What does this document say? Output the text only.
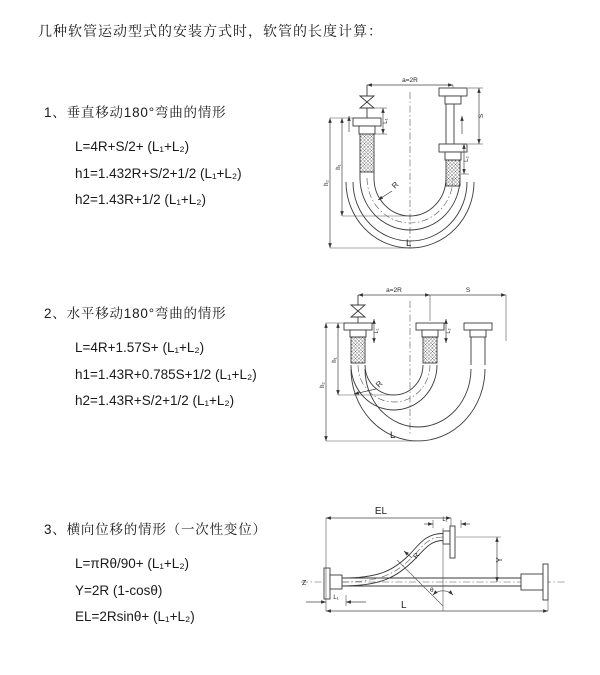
几种软管运动型式的安装方式时，软管的长度计算：
1、垂直移动180°弯曲的情形
L=4R+S/2+ (L₁+L₂)
h1=1.432R+S/2+1/2 (L₁+L₂)
h2=1.43R+1/2 (L₁+L₂)
a=2R
L₁
S
L₂
h₁
h₂	R
L
2、水平移动180°弯曲的情形
L=4R+1.57S+ (L₁+L₂)
h1=1.43R+0.785S+1/2 (L₁+L₂)
h2=1.43R+S/2+1/2 (L₁+L₂)
a=2R	S
L₁	L₂
h₁
h₂	R
L
3、横向位移的情形（一次性变位）
L=πRθ/90+ (L₁+L₂)
Y=2R (1-cosθ)
EL=2Rsinθ+ (L₁+L₂)
Z
EL
L₁
Y
θ
R
L
L₁
